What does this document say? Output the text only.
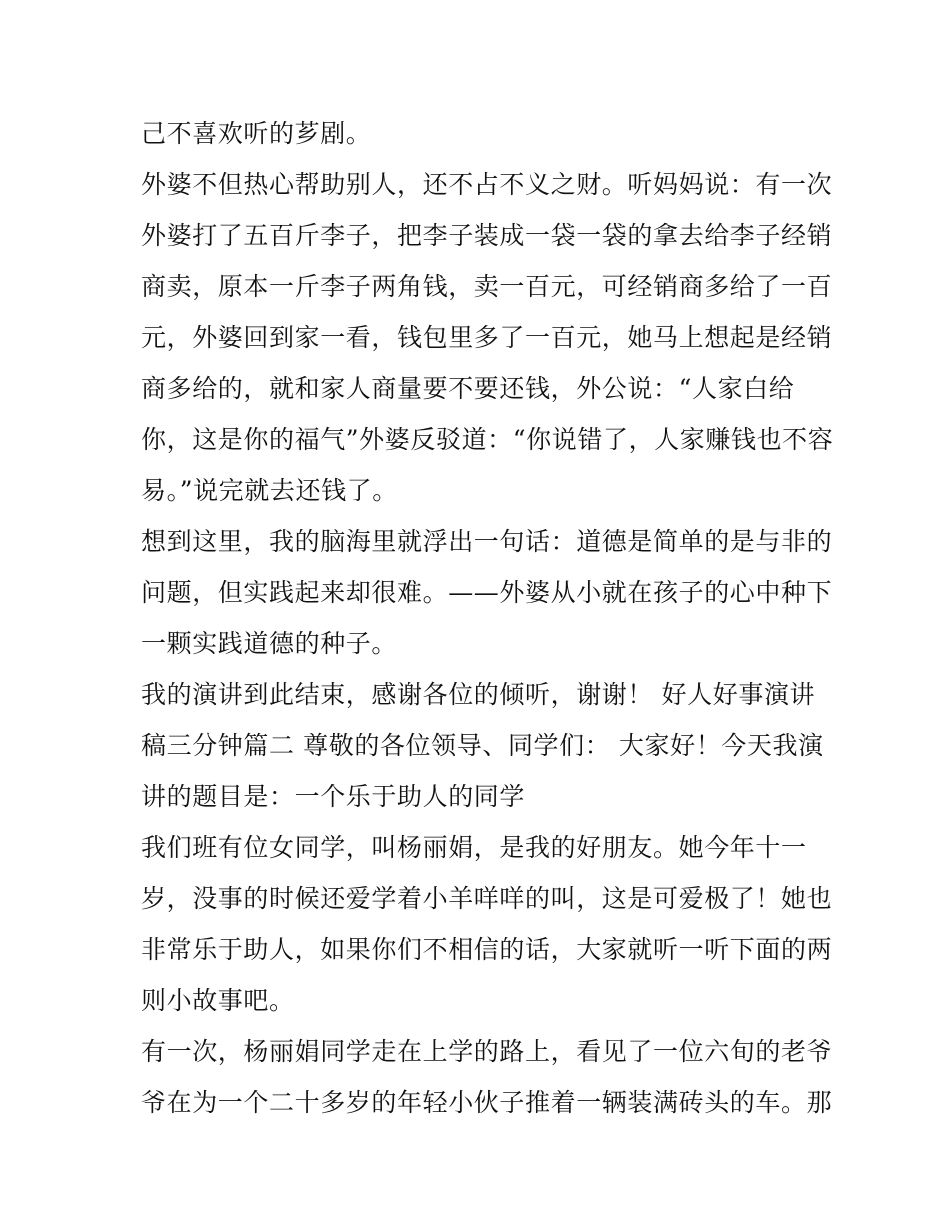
己不喜欢听的芗剧。
外婆不但热心帮助别人，还不占不义之财。听妈妈说：有一次
外婆打了五百斤李子，把李子装成一袋一袋的拿去给李子经销
商卖，原本一斤李子两角钱，卖一百元，可经销商多给了一百
元，外婆回到家一看，钱包里多了一百元，她马上想起是经销
商多给的，就和家人商量要不要还钱，外公说：“人家白给
你，这是你的福气”外婆反驳道：“你说错了，人家赚钱也不容
易。”说完就去还钱了。
想到这里，我的脑海里就浮出一句话：道德是简单的是与非的
问题，但实践起来却很难。——外婆从小就在孩子的心中种下
一颗实践道德的种子。
我的演讲到此结束，感谢各位的倾听，谢谢！ 好人好事演讲
稿三分钟篇二 尊敬的各位领导、同学们： 大家好！今天我演
讲的题目是：一个乐于助人的同学
我们班有位女同学，叫杨丽娟，是我的好朋友。她今年十一
岁，没事的时候还爱学着小羊咩咩的叫，这是可爱极了！她也
非常乐于助人，如果你们不相信的话，大家就听一听下面的两
则小故事吧。
有一次，杨丽娟同学走在上学的路上，看见了一位六旬的老爷
爷在为一个二十多岁的年轻小伙子推着一辆装满砖头的车。那
